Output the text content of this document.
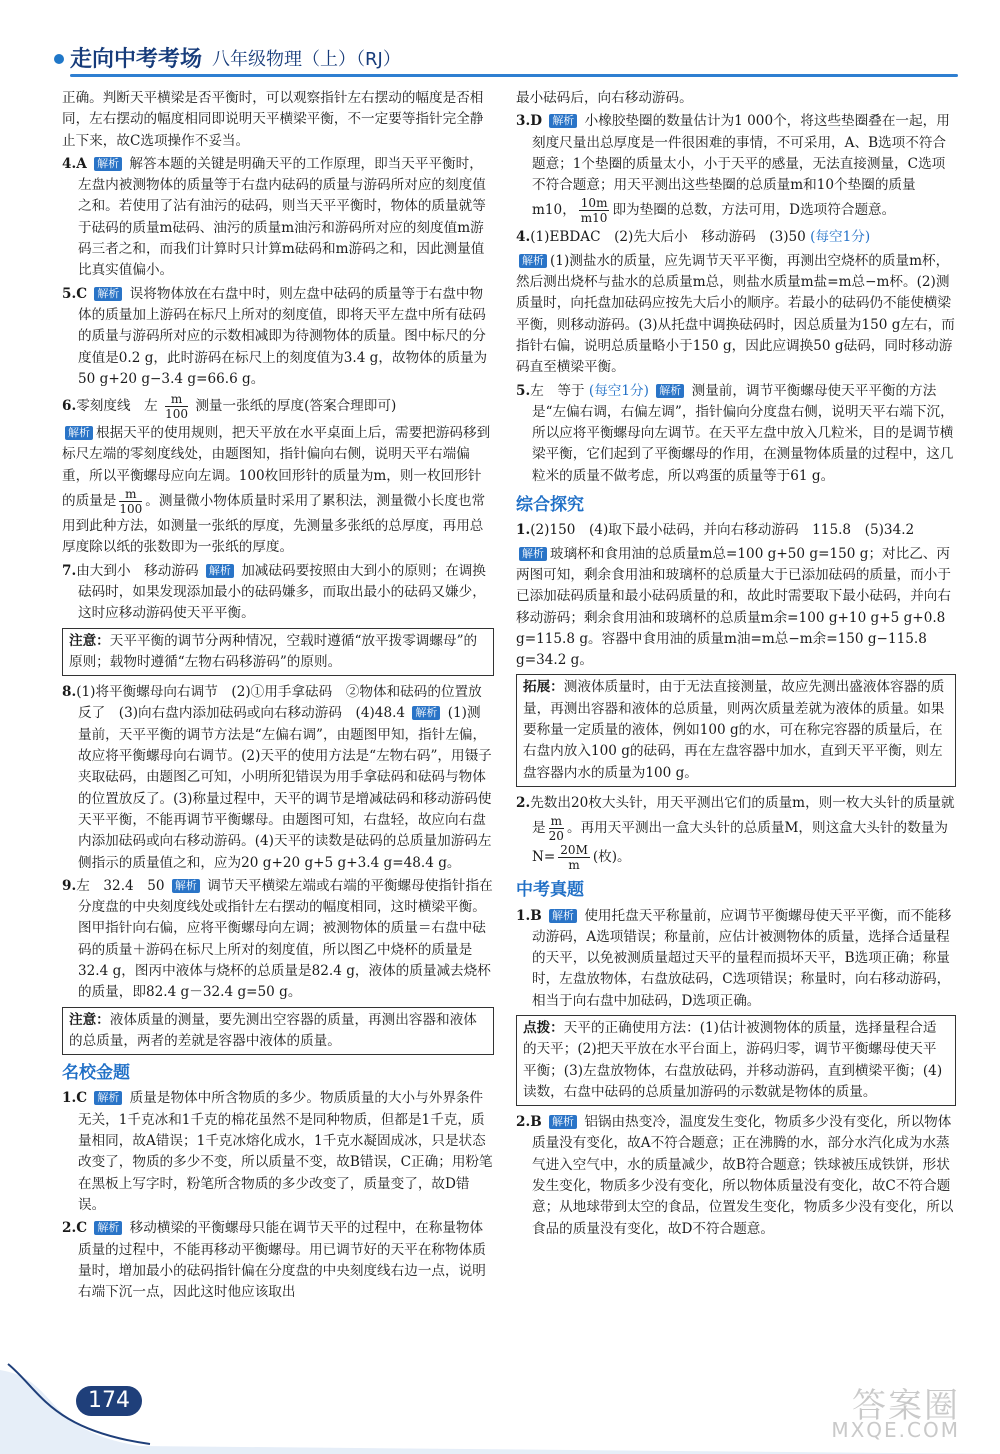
走向中考考场 八年级物理（上）（RJ）

正确。判断天平横梁是否平衡时，可以观察指针左右摆动的幅度是否相同，左右摆动的幅度相同即说明天平横梁平衡，不一定要等指针完全静止下来，故C选项操作不妥当。

4.A 解析 解答本题的关键是明确天平的工作原理，即当天平平衡时，左盘内被测物体的质量等于右盘内砝码的质量与游码所对应的刻度值之和。若使用了沾有油污的砝码，则当天平平衡时，物体的质量就等于砝码的质量m砝码、油污的质量m油污和游码所对应的刻度值m游码三者之和，而我们计算时只计算m砝码和m游码之和，因此测量值比真实值偏小。

5.C 解析 误将物体放在右盘中时，则左盘中砝码的质量等于右盘中物体的质量加上游码在标尺上所对的刻度值，即将天平左盘中所有砝码的质量与游码所对应的示数相减即为待测物体的质量。图中标尺的分度值是0.2 g，此时游码在标尺上的刻度值为3.4 g，故物体的质量为50 g+20 g−3.4 g=66.6 g。

6.零刻度线　左 $\frac{m}{100}$ 测量一张纸的厚度(答案合理即可)

解析 根据天平的使用规则，把天平放在水平桌面上后，需要把游码移到标尺左端的零刻度线处，由题图知，指针偏向右侧，说明天平右端偏重，所以平衡螺母应向左调。100枚回形针的质量为m，则一枚回形针的质量是 $\frac{m}{100}$ 。测量微小物体质量时采用了累积法，测量微小长度也常用到此种方法，如测量一张纸的厚度，先测量多张纸的总厚度，再用总厚度除以纸的张数即为一张纸的厚度。

7.由大到小　移动游码 解析 加减砝码要按照由大到小的原则；在调换砝码时，如果发现添加最小的砝码嫌多，而取出最小的砝码又嫌少，这时应移动游码使天平平衡。

注意：天平平衡的调节分两种情况，空载时遵循“放平拨零调螺母”的原则；载物时遵循“左物右码移游码”的原则。

8.(1)将平衡螺母向右调节　(2)①用手拿砝码　②物体和砝码的位置放反了　(3)向右盘内添加砝码或向右移动游码　(4)48.4 解析 (1)测量前，天平平衡的调节方法是“左偏右调”，由题图甲知，指针左偏，故应将平衡螺母向右调节。(2)天平的使用方法是“左物右码”，用镊子夹取砝码，由题图乙可知，小明所犯错误为用手拿砝码和砝码与物体的位置放反了。(3)称量过程中，天平的调节是增减砝码和移动游码使天平平衡，不能再调节平衡螺母。由题图可知，右盘轻，故应向右盘内添加砝码或向右移动游码。(4)天平的读数是砝码的总质量加游码左侧指示的质量值之和，应为20 g+20 g+5 g+3.4 g=48.4 g。

9.左　32.4　50 解析 调节天平横梁左端或右端的平衡螺母使指针指在分度盘的中央刻度线处或指针左右摆动的幅度相同，这时横梁平衡。图甲指针向右偏，应将平衡螺母向左调；被测物体的质量＝右盘中砝码的质量＋游码在标尺上所对的刻度值，所以图乙中烧杯的质量是32.4 g，图丙中液体与烧杯的总质量是82.4 g，液体的质量减去烧杯的质量，即82.4 g－32.4 g=50 g。

注意：液体质量的测量，要先测出空容器的质量，再测出容器和液体的总质量，两者的差就是容器中液体的质量。
名校金题

1.C 解析 质量是物体中所含物质的多少。物质质量的大小与外界条件无关，1千克冰和1千克的棉花虽然不是同种物质，但都是1千克，质量相同，故A错误；1千克冰熔化成水，1千克水凝固成冰，只是状态改变了，物质的多少不变，所以质量不变，故B错误，C正确；用粉笔在黑板上写字时，粉笔所含物质的多少改变了，质量变了，故D错误。

2.C 解析 移动横梁的平衡螺母只能在调节天平的过程中，在称量物体质量的过程中，不能再移动平衡螺母。用已调节好的天平在称物体质量时，增加最小的砝码指针偏在分度盘的中央刻度线右边一点，说明右端下沉一点，因此这时他应该取出

最小砝码后，向右移动游码。

3.D 解析 小橡胶垫圈的数量估计为1 000个，将这些垫圈叠在一起，用刻度尺量出总厚度是一件很困难的事情，不可采用，A、B选项不符合题意；1个垫圈的质量太小，小于天平的感量，无法直接测量，C选项不符合题意；用天平测出这些垫圈的总质量m和10个垫圈的质量m10， $\frac{10m}{m10}$ 即为垫圈的总数，方法可用，D选项符合题意。

4.(1)EBDAC　(2)先大后小　移动游码　(3)50 (每空1分)

解析 (1)测盐水的质量，应先调节天平平衡，再测出空烧杯的质量m杯，然后测出烧杯与盐水的总质量m总，则盐水质量m盐=m总−m杯。(2)测质量时，向托盘加砝码应按先大后小的顺序。若最小的砝码仍不能使横梁平衡，则移动游码。(3)从托盘中调换砝码时，因总质量为150 g左右，而指针右偏，说明总质量略小于150 g，因此应调换50 g砝码，同时移动游码直至横梁平衡。

5.左　等于 (每空1分) 解析 测量前，调节平衡螺母使天平平衡的方法是“左偏右调，右偏左调”，指针偏向分度盘右侧，说明天平右端下沉，所以应将平衡螺母向左调节。在天平左盘中放入几粒米，目的是调节横梁平衡，它们起到了平衡螺母的作用，在测量物体质量的过程中，这几粒米的质量不做考虑，所以鸡蛋的质量等于61 g。

综合探究

1.(2)150　(4)取下最小砝码，并向右移动游码　115.8　(5)34.2

解析 玻璃杯和食用油的总质量m总=100 g+50 g=150 g；对比乙、丙两图可知，剩余食用油和玻璃杯的总质量大于已添加砝码的质量，而小于已添加砝码质量和最小砝码质量的和，故此时需要取下最小砝码，并向右移动游码；剩余食用油和玻璃杯的总质量m余=100 g+10 g+5 g+0.8 g=115.8 g。容器中食用油的质量m油=m总−m余=150 g−115.8 g=34.2 g。

拓展：测液体质量时，由于无法直接测量，故应先测出盛液体容器的质量，再测出容器和液体的总质量，则两次质量差就为液体的质量。如果要称量一定质量的液体，例如100 g的水，可在称完容器的质量后，在右盘内放入100 g的砝码，再在左盘容器中加水，直到天平平衡，则左盘容器内水的质量为100 g。

2.先数出20枚大头针，用天平测出它们的质量m，则一枚大头针的质量就是 $\frac{m}{20}$ 。再用天平测出一盒大头针的总质量M，则这盒大头针的数量为$N= \frac{20M}{m}$ (枚)。

中考真题

1.B 解析 使用托盘天平称量前，应调节平衡螺母使天平平衡，而不能移动游码，A选项错误；称量前，应估计被测物体的质量，选择合适量程的天平，以免被测质量超过天平的量程而损坏天平，B选项正确；称量时，左盘放物体，右盘放砝码，C选项错误；称量时，向右移动游码，相当于向右盘中加砝码，D选项正确。

点拨：天平的正确使用方法：(1)估计被测物体的质量，选择量程合适的天平；(2)把天平放在水平台面上，游码归零，调节平衡螺母使天平平衡；(3)左盘放物体，右盘放砝码，并移动游码，直到横梁平衡；(4)读数，右盘中砝码的总质量加游码的示数就是物体的质量。

2.B 解析 铝锅由热变冷，温度发生变化，物质多少没有变化，所以物体质量没有变化，故A不符合题意；正在沸腾的水，部分水汽化成为水蒸气进入空气中，水的质量减少，故B符合题意；铁球被压成铁饼，形状发生变化，物质多少没有变化，所以物体质量没有变化，故C不符合题意；从地球带到太空的食品，位置发生变化，物质多少没有变化，所以食品的质量没有变化，故D不符合题意。

174	答案圈
MXQE.COM
